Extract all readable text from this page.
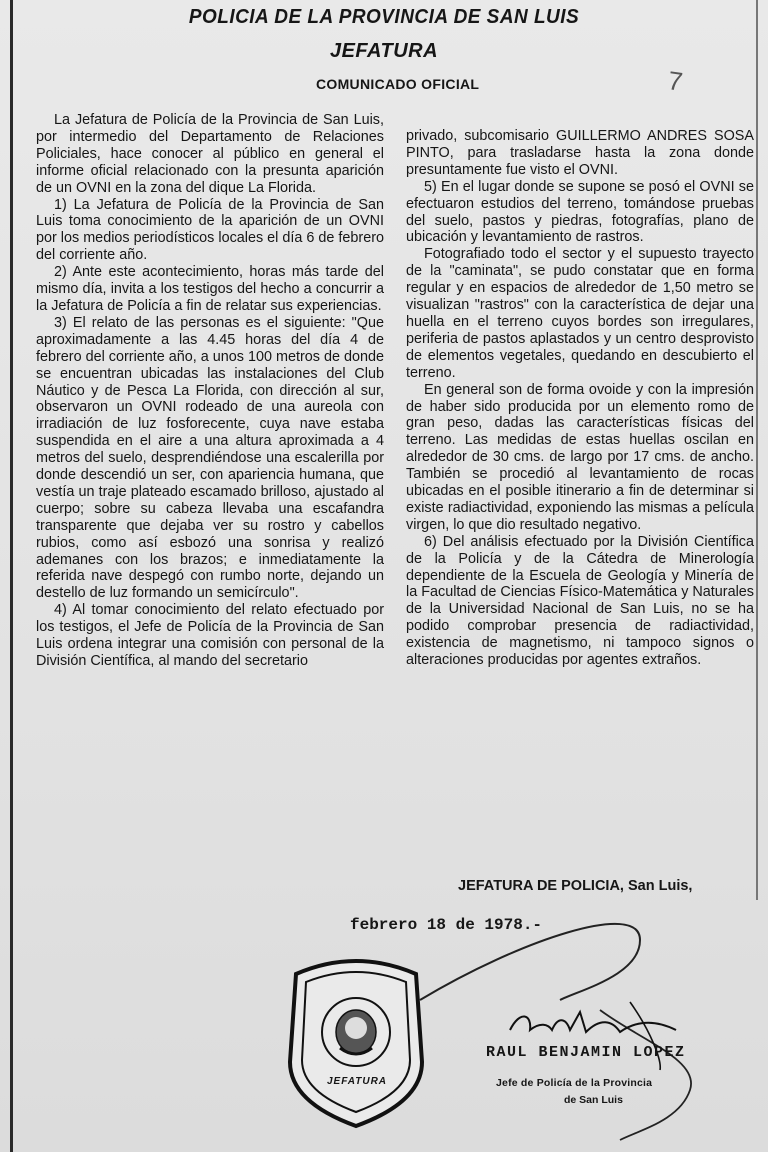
POLICIA DE LA PROVINCIA DE SAN LUIS
JEFATURA
COMUNICADO OFICIAL	7

La Jefatura de Policía de la Provincia de San Luis, por intermedio del Departamento de Relaciones Policiales, hace conocer al público en general el informe oficial relacionado con la presunta aparición de un OVNI en la zona del dique La Florida.

1) La Jefatura de Policía de la Provincia de San Luis toma conocimiento de la aparición de un OVNI por los medios periodísticos locales el día 6 de febrero del corriente año.

2) Ante este acontecimiento, horas más tarde del mismo día, invita a los testigos del hecho a concurrir a la Jefatura de Policía a fin de relatar sus experiencias.

3) El relato de las personas es el siguiente: "Que aproximadamente a las 4.45 horas del día 4 de febrero del corriente año, a unos 100 metros de donde se encuentran ubicadas las instalaciones del Club Náutico y de Pesca La Florida, con dirección al sur, observaron un OVNI rodeado de una aureola con irradiación de luz fosforecente, cuya nave estaba suspendida en el aire a una altura aproximada a 4 metros del suelo, desprendiéndose una escalerilla por donde descendió un ser, con apariencia humana, que vestía un traje plateado escamado brilloso, ajustado al cuerpo; sobre su cabeza llevaba una escafandra transparente que dejaba ver su rostro y cabellos rubios, como así esbozó una sonrisa y realizó ademanes con los brazos; e inmediatamente la referida nave despegó con rumbo norte, dejando un destello de luz formando un semicírculo".

4) Al tomar conocimiento del relato efectuado por los testigos, el Jefe de Policía de la Provincia de San Luis ordena integrar una comisión con personal de la División Científica, al mando del secretario

privado, subcomisario GUILLERMO ANDRES SOSA PINTO, para trasladarse hasta la zona donde presuntamente fue visto el OVNI.

5) En el lugar donde se supone se posó el OVNI se efectuaron estudios del terreno, tomándose pruebas del suelo, pastos y piedras, fotografías, plano de ubicación y levantamiento de rastros.

Fotografiado todo el sector y el supuesto trayecto de la "caminata", se pudo constatar que en forma regular y en espacios de alrededor de 1,50 metro se visualizan "rastros" con la característica de dejar una huella en el terreno cuyos bordes son irregulares, periferia de pastos aplastados y un centro desprovisto de elementos vegetales, quedando en descubierto el terreno.

En general son de forma ovoide y con la impresión de haber sido producida por un elemento romo de gran peso, dadas las características físicas del terreno. Las medidas de estas huellas oscilan en alrededor de 30 cms. de largo por 17 cms. de ancho. También se procedió al levantamiento de rocas ubicadas en el posible itinerario a fin de determinar si existe radiactividad, exponiendo las mismas a película virgen, lo que dio resultado negativo.

6) Del análisis efectuado por la División Científica de la Policía y de la Cátedra de Minerología dependiente de la Escuela de Geología y Minería de la Facultad de Ciencias Físico-Matemática y Naturales de la Universidad Nacional de San Luis, no se ha podido comprobar presencia de radiactividad, existencia de magnetismo, ni tampoco signos o alteraciones producidas por agentes extraños.

JEFATURA DE POLICIA, San Luis,
febrero 18 de 1978.-
JEFATURA
RAUL BENJAMIN LOPEZ
Jefe de Policía de la Provincia
de San Luis
